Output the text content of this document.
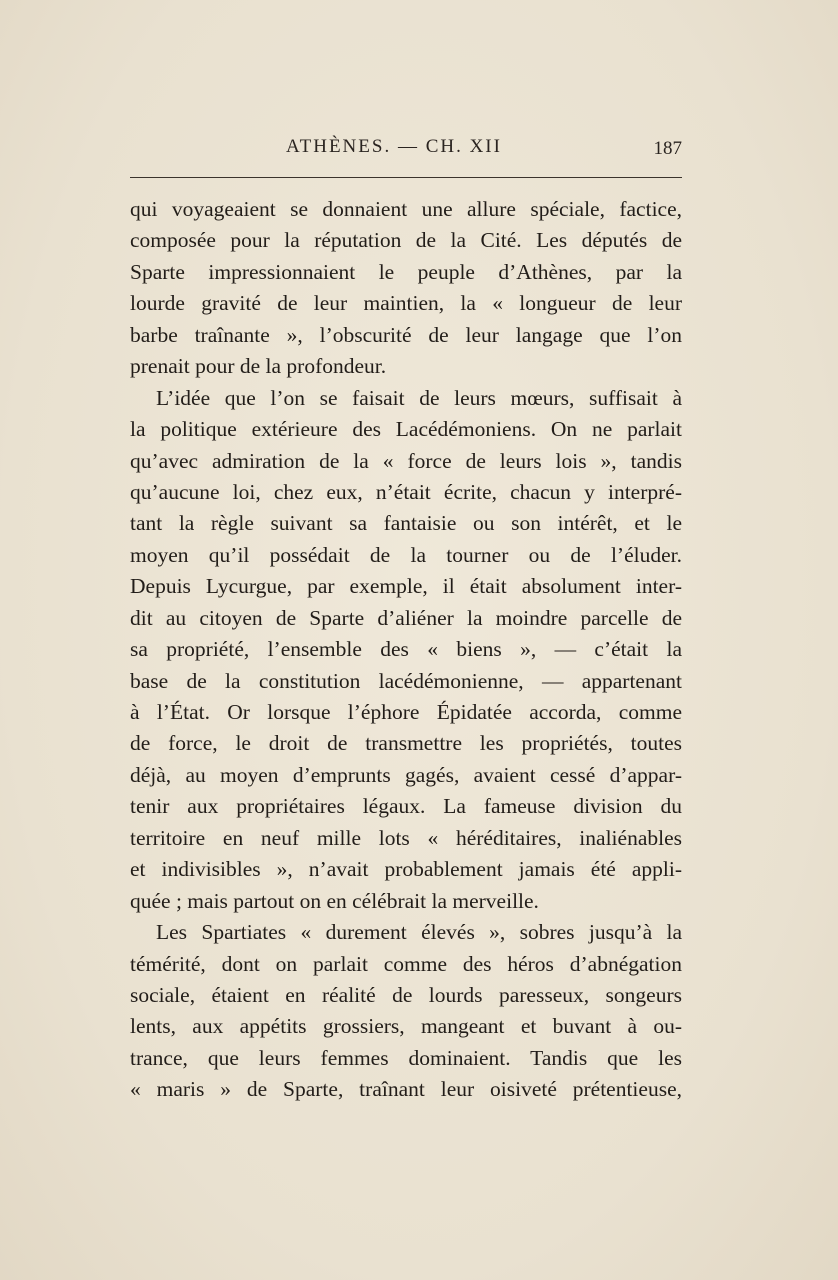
ATHÈNES. — CH. XII	187
qui voyageaient se donnaient une allure spéciale, factice,
composée pour la réputation de la Cité. Les députés de
Sparte impressionnaient le peuple d’Athènes, par la
lourde gravité de leur maintien, la « longueur de leur
barbe traînante », l’obscurité de leur langage que l’on
prenait pour de la profondeur.
L’idée que l’on se faisait de leurs mœurs, suffisait à
la politique extérieure des Lacédémoniens. On ne parlait
qu’avec admiration de la « force de leurs lois », tandis
qu’aucune loi, chez eux, n’était écrite, chacun y interpré-
tant la règle suivant sa fantaisie ou son intérêt, et le
moyen qu’il possédait de la tourner ou de l’éluder.
Depuis Lycurgue, par exemple, il était absolument inter-
dit au citoyen de Sparte d’aliéner la moindre parcelle de
sa propriété, l’ensemble des « biens », — c’était la
base de la constitution lacédémonienne, — appartenant
à l’État. Or lorsque l’éphore Épidatée accorda, comme
de force, le droit de transmettre les propriétés, toutes
déjà, au moyen d’emprunts gagés, avaient cessé d’appar-
tenir aux propriétaires légaux. La fameuse division du
territoire en neuf mille lots « héréditaires, inaliénables
et indivisibles », n’avait probablement jamais été appli-
quée ; mais partout on en célébrait la merveille.
Les Spartiates « durement élevés », sobres jusqu’à la
témérité, dont on parlait comme des héros d’abnégation
sociale, étaient en réalité de lourds paresseux, songeurs
lents, aux appétits grossiers, mangeant et buvant à ou-
trance, que leurs femmes dominaient. Tandis que les
« maris » de Sparte, traînant leur oisiveté prétentieuse,
